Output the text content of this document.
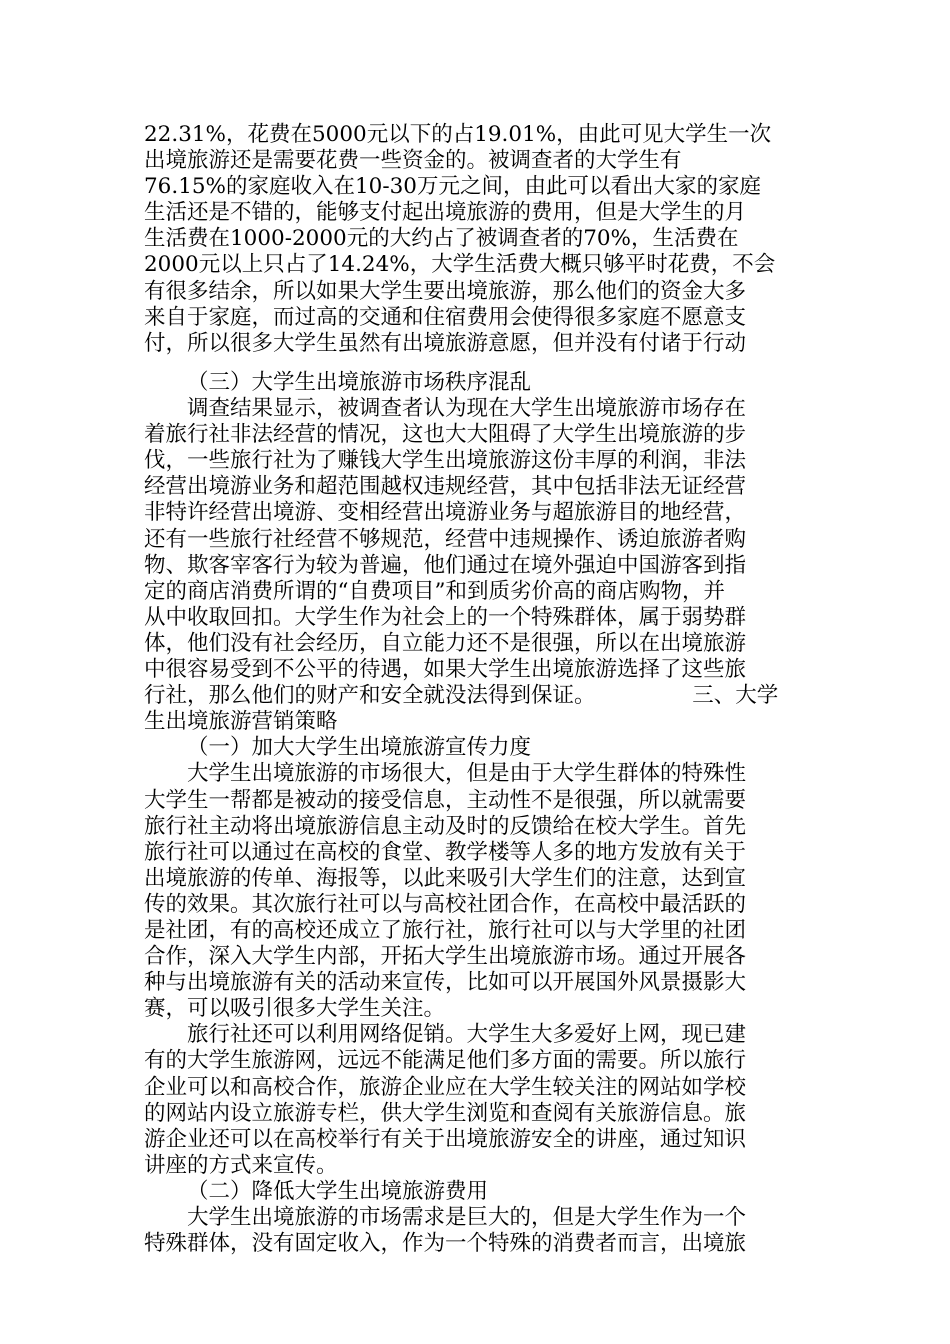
22.31%，花费在5000元以下的占19.01%，由此可见大学生一次
出境旅游还是需要花费一些资金的。被调查者的大学生有
76.15%的家庭收入在10-30万元之间，由此可以看出大家的家庭
生活还是不错的，能够支付起出境旅游的费用，但是大学生的月
生活费在1000-2000元的大约占了被调查者的70%，生活费在
2000元以上只占了14.24%，大学生活费大概只够平时花费，不会
有很多结余，所以如果大学生要出境旅游，那么他们的资金大多
来自于家庭，而过高的交通和住宿费用会使得很多家庭不愿意支
付，所以很多大学生虽然有出境旅游意愿，但并没有付诸于行动
（三）大学生出境旅游市场秩序混乱
调查结果显示，被调查者认为现在大学生出境旅游市场存在
着旅行社非法经营的情况，这也大大阻碍了大学生出境旅游的步
伐，一些旅行社为了赚钱大学生出境旅游这份丰厚的利润，非法
经营出境游业务和超范围越权违规经营，其中包括非法无证经营
非特许经营出境游、变相经营出境游业务与超旅游目的地经营，
还有一些旅行社经营不够规范，经营中违规操作、诱迫旅游者购
物、欺客宰客行为较为普遍，他们通过在境外强迫中国游客到指
定的商店消费所谓的“自费项目”和到质劣价高的商店购物，并
从中收取回扣。大学生作为社会上的一个特殊群体，属于弱势群
体，他们没有社会经历，自立能力还不是很强，所以在出境旅游
中很容易受到不公平的待遇，如果大学生出境旅游选择了这些旅
行社，那么他们的财产和安全就没法得到保证。　　　　　三、大学
生出境旅游营销策略
（一）加大大学生出境旅游宣传力度
大学生出境旅游的市场很大，但是由于大学生群体的特殊性
大学生一帮都是被动的接受信息，主动性不是很强，所以就需要
旅行社主动将出境旅游信息主动及时的反馈给在校大学生。首先
旅行社可以通过在高校的食堂、教学楼等人多的地方发放有关于
出境旅游的传单、海报等，以此来吸引大学生们的注意，达到宣
传的效果。其次旅行社可以与高校社团合作，在高校中最活跃的
是社团，有的高校还成立了旅行社，旅行社可以与大学里的社团
合作，深入大学生内部，开拓大学生出境旅游市场。通过开展各
种与出境旅游有关的活动来宣传，比如可以开展国外风景摄影大
赛，可以吸引很多大学生关注。
旅行社还可以利用网络促销。大学生大多爱好上网，现已建
有的大学生旅游网，远远不能满足他们多方面的需要。所以旅行
企业可以和高校合作，旅游企业应在大学生较关注的网站如学校
的网站内设立旅游专栏，供大学生浏览和查阅有关旅游信息。旅
游企业还可以在高校举行有关于出境旅游安全的讲座，通过知识
讲座的方式来宣传。
（二）降低大学生出境旅游费用
大学生出境旅游的市场需求是巨大的，但是大学生作为一个
特殊群体，没有固定收入，作为一个特殊的消费者而言，出境旅
